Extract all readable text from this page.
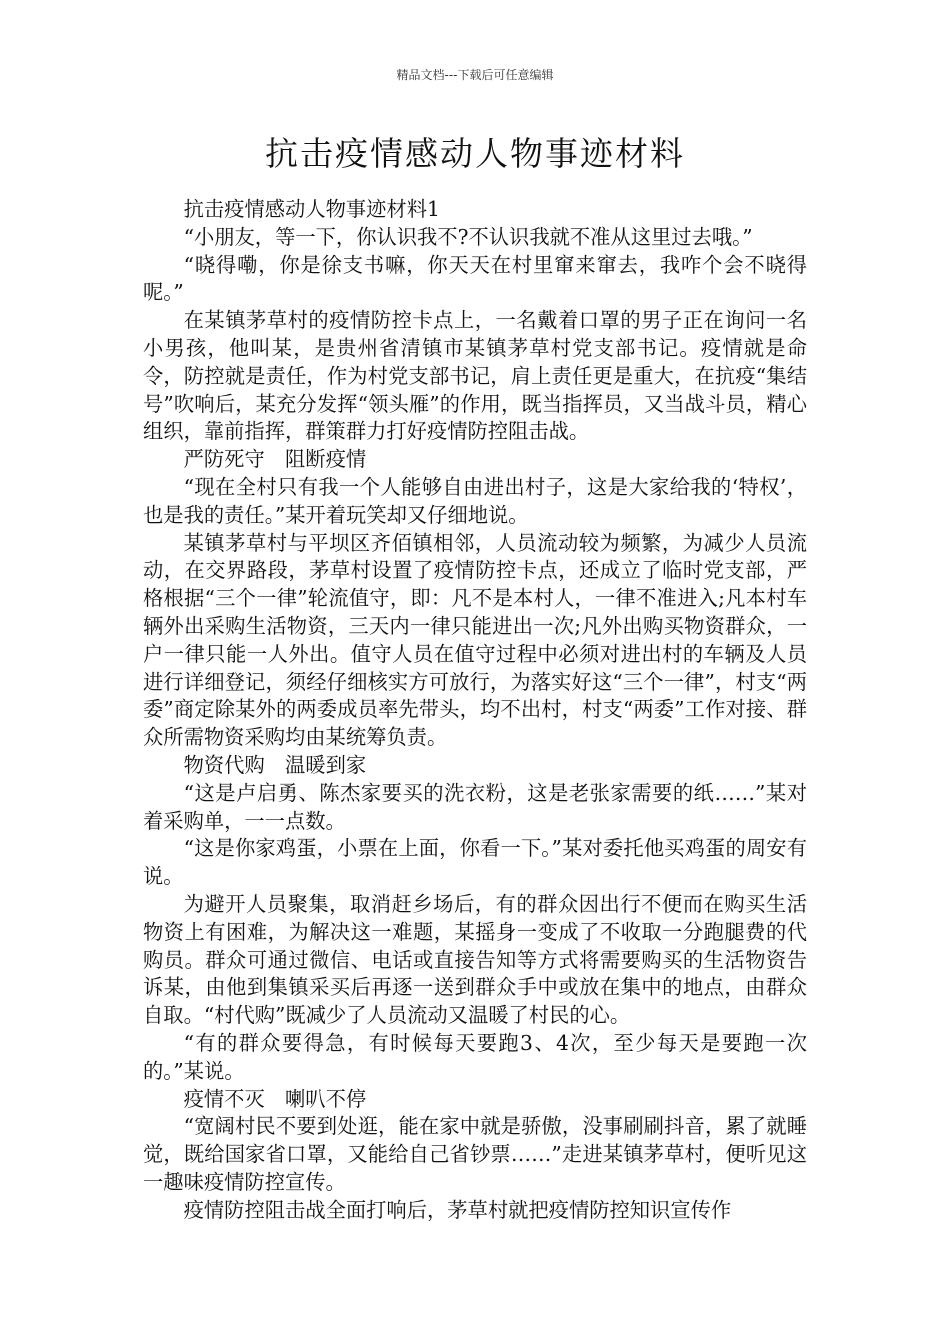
精品文档---下载后可任意编辑
抗击疫情感动人物事迹材料

抗击疫情感动人物事迹材料1

“小朋友，等一下，你认识我不?不认识我就不准从这里过去哦。”

“晓得嘞，你是徐支书嘛，你天天在村里窜来窜去，我咋个会不晓得呢。”

在某镇茅草村的疫情防控卡点上，一名戴着口罩的男子正在询问一名小男孩，他叫某，是贵州省清镇市某镇茅草村党支部书记。疫情就是命令，防控就是责任，作为村党支部书记，肩上责任更是重大，在抗疫“集结号”吹响后，某充分发挥“领头雁”的作用，既当指挥员，又当战斗员，精心组织，靠前指挥，群策群力打好疫情防控阻击战。

严防死守　阻断疫情

“现在全村只有我一个人能够自由进出村子，这是大家给我的‘特权’，也是我的责任。”某开着玩笑却又仔细地说。

某镇茅草村与平坝区齐佰镇相邻，人员流动较为频繁，为减少人员流动，在交界路段，茅草村设置了疫情防控卡点，还成立了临时党支部，严格根据“三个一律”轮流值守，即：凡不是本村人，一律不准进入;凡本村车辆外出采购生活物资，三天内一律只能进出一次;凡外出购买物资群众，一户一律只能一人外出。值守人员在值守过程中必须对进出村的车辆及人员进行详细登记，须经仔细核实方可放行，为落实好这“三个一律”，村支“两委”商定除某外的两委成员率先带头，均不出村，村支“两委”工作对接、群众所需物资采购均由某统筹负责。

物资代购　温暖到家

“这是卢启勇、陈杰家要买的洗衣粉，这是老张家需要的纸……”某对着采购单，一一点数。

“这是你家鸡蛋，小票在上面，你看一下。”某对委托他买鸡蛋的周安有说。

为避开人员聚集，取消赶乡场后，有的群众因出行不便而在购买生活物资上有困难，为解决这一难题，某摇身一变成了不收取一分跑腿费的代购员。群众可通过微信、电话或直接告知等方式将需要购买的生活物资告诉某，由他到集镇采买后再逐一送到群众手中或放在集中的地点，由群众自取。“村代购”既减少了人员流动又温暖了村民的心。

“有的群众要得急，有时候每天要跑3、4次，至少每天是要跑一次的。”某说。

疫情不灭　喇叭不停

“宽阔村民不要到处逛，能在家中就是骄傲，没事刷刷抖音，累了就睡觉，既给国家省口罩，又能给自己省钞票……”走进某镇茅草村，便听见这一趣味疫情防控宣传。

疫情防控阻击战全面打响后，茅草村就把疫情防控知识宣传作
